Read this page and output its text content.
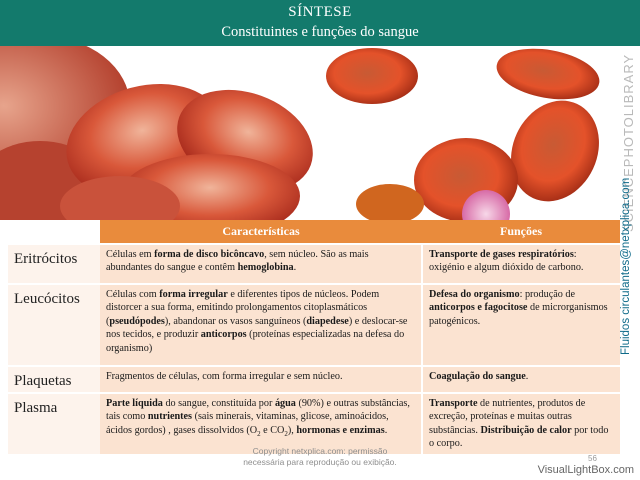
SÍNTESE
Constituintes e funções do sangue
SCIENCEPHOTOLIBRARY
Fluidos circulantes@netxplica.com
	Características	Funções
Eritrócitos	Células em forma de disco bicôncavo, sem núcleo. São as mais abundantes do sangue e contêm hemoglobina.	Transporte de gases respiratórios: oxigénio e algum dióxido de carbono.
Leucócitos	Células com forma irregular e diferentes tipos de núcleos. Podem distorcer a sua forma, emitindo prolongamentos citoplasmáticos (pseudópodes), abandonar os vasos sanguíneos (diapedese) e deslocar-se nos tecidos, e produzir anticorpos (proteínas especializadas na defesa do organismo)	Defesa do organismo: produção de anticorpos e fagocitose de microrganismos patogénicos.
Plaquetas	Fragmentos de células, com forma irregular e sem núcleo.	Coagulação do sangue.
Plasma	Parte líquida do sangue, constituída por água (90%) e outras substâncias, tais como nutrientes (sais minerais, vitaminas, glicose, aminoácidos, ácidos gordos) , gases dissolvidos ($O_2$ e $CO_2$), hormonas e enzimas.	Transporte de nutrientes, produtos de excreção, proteínas e muitas outras substâncias. Distribuição de calor por todo o corpo.
Copyright netxplica.com: permissão
necessária para reprodução ou exibição.	56
VisualLightBox.com
